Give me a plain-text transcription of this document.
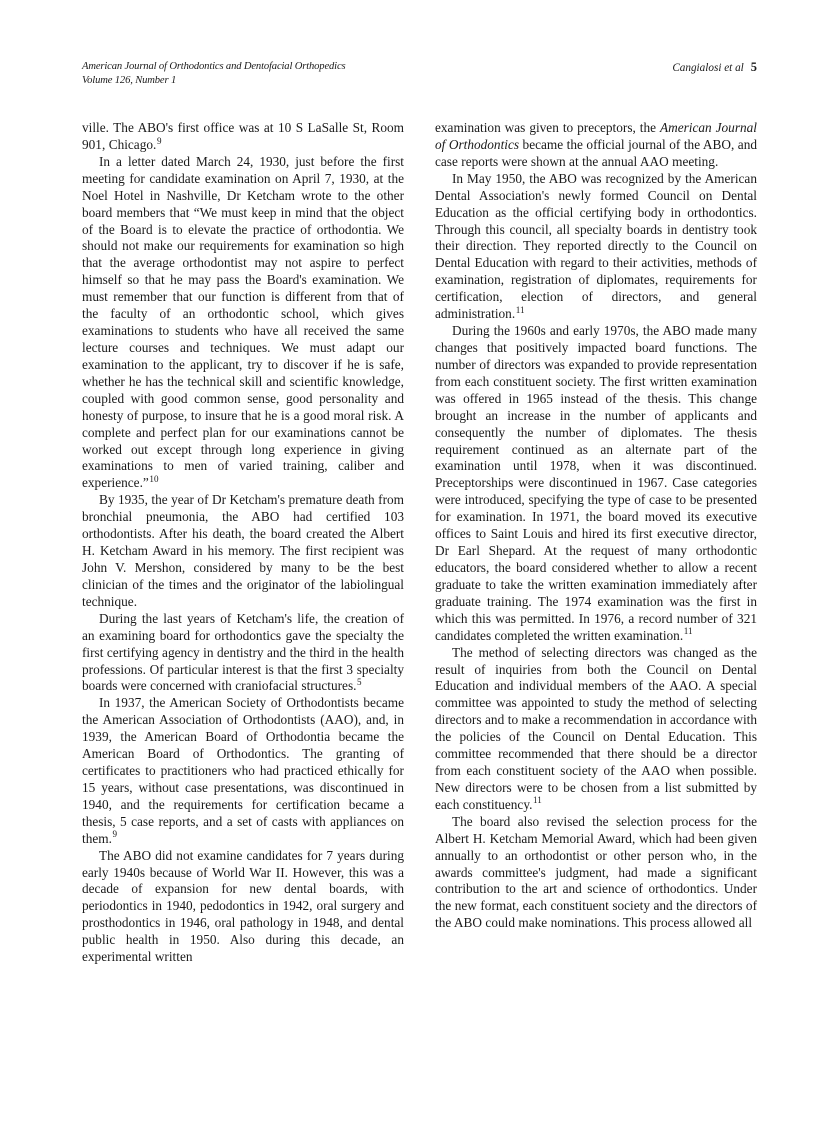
American Journal of Orthodontics and Dentofacial Orthopedics
Volume 126, Number 1
Cangialosi et al 5

ville. The ABO's first office was at 10 S LaSalle St, Room 901, Chicago.$^9$

In a letter dated March 24, 1930, just before the first meeting for candidate examination on April 7, 1930, at the Noel Hotel in Nashville, Dr Ketcham wrote to the other board members that “We must keep in mind that the object of the Board is to elevate the practice of orthodontia. We should not make our requirements for examination so high that the average orthodontist may not aspire to perfect himself so that he may pass the Board's examination. We must remember that our function is different from that of the faculty of an orthodontic school, which gives examinations to students who have all received the same lecture courses and techniques. We must adapt our examination to the applicant, try to discover if he is safe, whether he has the technical skill and scientific knowledge, coupled with good common sense, good personality and honesty of purpose, to insure that he is a good moral risk. A complete and perfect plan for our examinations cannot be worked out except through long experience in giving examinations to men of varied training, caliber and experience.”$^{10}$

By 1935, the year of Dr Ketcham's premature death from bronchial pneumonia, the ABO had certified 103 orthodontists. After his death, the board created the Albert H. Ketcham Award in his memory. The first recipient was John V. Mershon, considered by many to be the best clinician of the times and the originator of the labiolingual technique.

During the last years of Ketcham's life, the creation of an examining board for orthodontics gave the specialty the first certifying agency in dentistry and the third in the health professions. Of particular interest is that the first 3 specialty boards were concerned with craniofacial structures.$^5$

In 1937, the American Society of Orthodontists became the American Association of Orthodontists (AAO), and, in 1939, the American Board of Orthodontia became the American Board of Orthodontics. The granting of certificates to practitioners who had practiced ethically for 15 years, without case presentations, was discontinued in 1940, and the requirements for certification became a thesis, 5 case reports, and a set of casts with appliances on them.$^9$

The ABO did not examine candidates for 7 years during early 1940s because of World War II. However, this was a decade of expansion for new dental boards, with periodontics in 1940, pedodontics in 1942, oral surgery and prosthodontics in 1946, oral pathology in 1948, and dental public health in 1950. Also during this decade, an experimental written

examination was given to preceptors, the American Journal of Orthodontics became the official journal of the ABO, and case reports were shown at the annual AAO meeting.

In May 1950, the ABO was recognized by the American Dental Association's newly formed Council on Dental Education as the official certifying body in orthodontics. Through this council, all specialty boards in dentistry took their direction. They reported directly to the Council on Dental Education with regard to their activities, methods of examination, registration of diplomates, requirements for certification, election of directors, and general administration.$^{11}$

During the 1960s and early 1970s, the ABO made many changes that positively impacted board functions. The number of directors was expanded to provide representation from each constituent society. The first written examination was offered in 1965 instead of the thesis. This change brought an increase in the number of applicants and consequently the number of diplomates. The thesis requirement continued as an alternate part of the examination until 1978, when it was discontinued. Preceptorships were discontinued in 1967. Case categories were introduced, specifying the type of case to be presented for examination. In 1971, the board moved its executive offices to Saint Louis and hired its first executive director, Dr Earl Shepard. At the request of many orthodontic educators, the board considered whether to allow a recent graduate to take the written examination immediately after graduate training. The 1974 examination was the first in which this was permitted. In 1976, a record number of 321 candidates completed the written examination.$^{11}$

The method of selecting directors was changed as the result of inquiries from both the Council on Dental Education and individual members of the AAO. A special committee was appointed to study the method of selecting directors and to make a recommendation in accordance with the policies of the Council on Dental Education. This committee recommended that there should be a director from each constituent society of the AAO when possible. New directors were to be chosen from a list submitted by each constituency.$^{11}$

The board also revised the selection process for the Albert H. Ketcham Memorial Award, which had been given annually to an orthodontist or other person who, in the awards committee's judgment, had made a significant contribution to the art and science of orthodontics. Under the new format, each constituent society and the directors of the ABO could make nominations. This process allowed all
